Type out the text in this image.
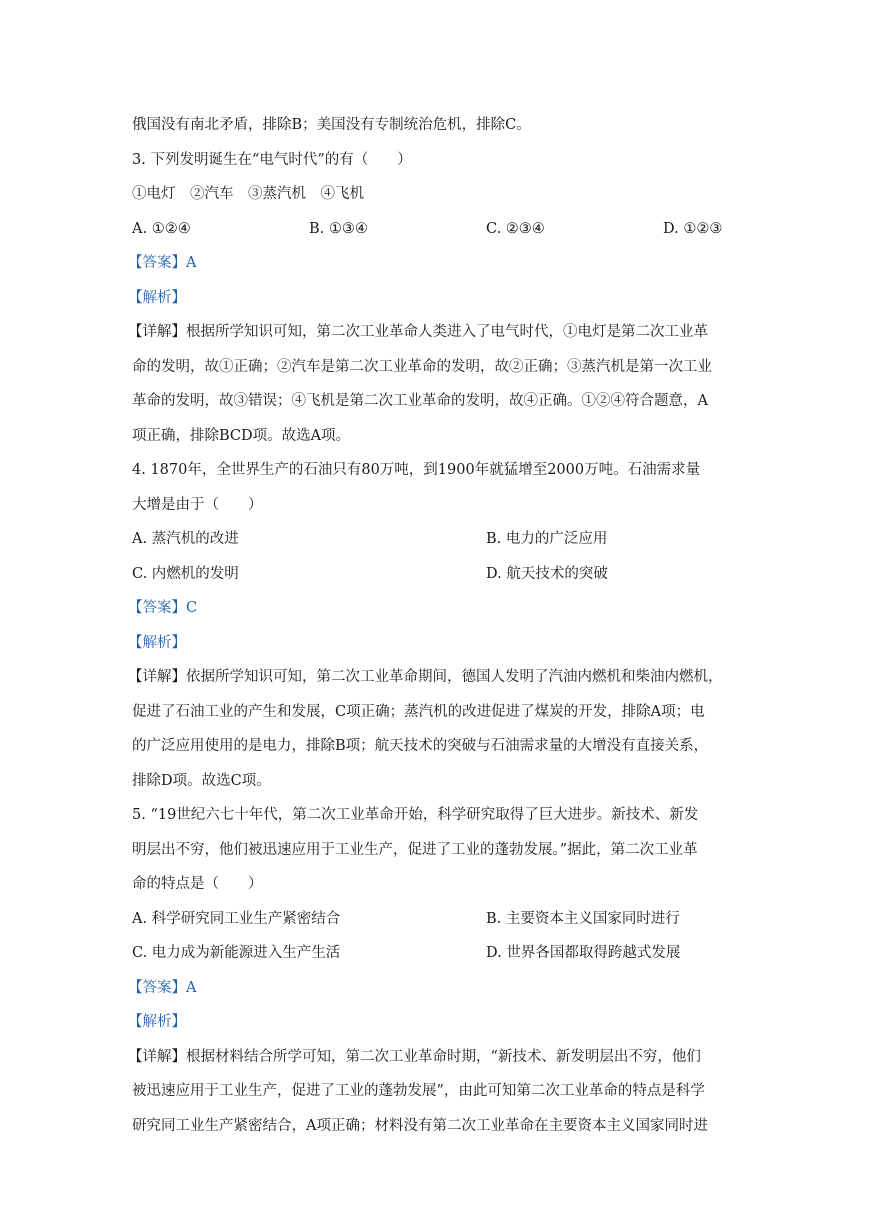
俄国没有南北矛盾，排除B；美国没有专制统治危机，排除C。
3. 下列发明诞生在“电气时代”的有（　　）
①电灯　②汽车　③蒸汽机　④飞机
A. ①②④	B. ①③④	C. ②③④	D. ①②③
【答案】A
【解析】
【详解】根据所学知识可知，第二次工业革命人类进入了电气时代，①电灯是第二次工业革
命的发明，故①正确；②汽车是第二次工业革命的发明，故②正确；③蒸汽机是第一次工业
革命的发明，故③错误；④飞机是第二次工业革命的发明，故④正确。①②④符合题意，A
项正确，排除BCD项。故选A项。
4. 1870年，全世界生产的石油只有80万吨，到1900年就猛增至2000万吨。石油需求量
大增是由于（　　）
A. 蒸汽机的改进	B. 电力的广泛应用
C. 内燃机的发明	D. 航天技术的突破
【答案】C
【解析】
【详解】依据所学知识可知，第二次工业革命期间，德国人发明了汽油内燃机和柴油内燃机，
促进了石油工业的产生和发展，C项正确；蒸汽机的改进促进了煤炭的开发，排除A项；电
的广泛应用使用的是电力，排除B项；航天技术的突破与石油需求量的大增没有直接关系，
排除D项。故选C项。
5. “19世纪六七十年代，第二次工业革命开始，科学研究取得了巨大进步。新技术、新发
明层出不穷，他们被迅速应用于工业生产，促进了工业的蓬勃发展。”据此，第二次工业革
命的特点是（　　）
A. 科学研究同工业生产紧密结合	B. 主要资本主义国家同时进行
C. 电力成为新能源进入生产生活	D. 世界各国都取得跨越式发展
【答案】A
【解析】
【详解】根据材料结合所学可知，第二次工业革命时期，“新技术、新发明层出不穷，他们
被迅速应用于工业生产，促进了工业的蓬勃发展”，由此可知第二次工业革命的特点是科学
研究同工业生产紧密结合，A项正确；材料没有第二次工业革命在主要资本主义国家同时进
